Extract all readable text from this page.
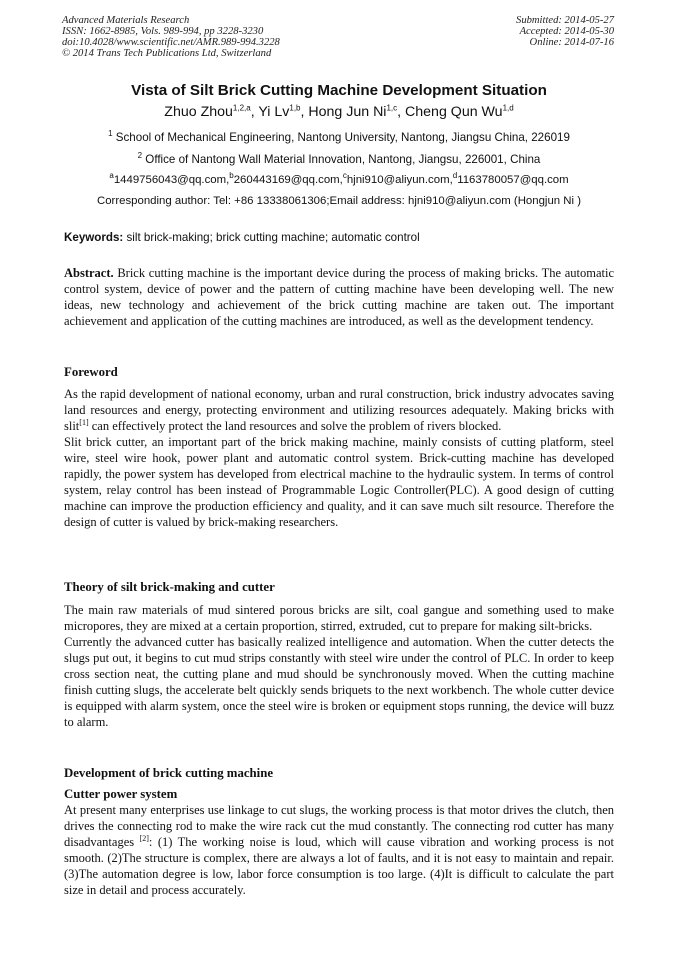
Advanced Materials Research
ISSN: 1662-8985, Vols. 989-994, pp 3228-3230
doi:10.4028/www.scientific.net/AMR.989-994.3228
© 2014 Trans Tech Publications Ltd, Switzerland
Submitted: 2014-05-27
Accepted: 2014-05-30
Online: 2014-07-16
Vista of Silt Brick Cutting Machine Development Situation
Zhuo Zhou$^{1,2,a}$, Yi Lv$^{1,b}$, Hong Jun Ni$^{1,c}$, Cheng Qun Wu$^{1,d}$
$^1$ School of Mechanical Engineering, Nantong University, Nantong, Jiangsu China, 226019
$^2$ Office of Nantong Wall Material Innovation, Nantong, Jiangsu, 226001, China
$^a$1449756043@qq.com,$^b$260443169@qq.com,$^c$hjni910@aliyun.com,$^d$1163780057@qq.com
Corresponding author: Tel: +86 13338061306;Email address: hjni910@aliyun.com (Hongjun Ni )
Keywords: silt brick-making; brick cutting machine; automatic control

Abstract. Brick cutting machine is the important device during the process of making bricks. The automatic control system, device of power and the pattern of cutting machine have been developing well. The new ideas, new technology and achievement of the brick cutting machine are taken out. The important achievement and application of the cutting machines are introduced, as well as the development tendency.

Foreword

As the rapid development of national economy, urban and rural construction, brick industry advocates saving land resources and energy, protecting environment and utilizing resources adequately. Making bricks with slit[1] can effectively protect the land resources and solve the problem of rivers blocked.

Slit brick cutter, an important part of the brick making machine, mainly consists of cutting platform, steel wire, steel wire hook, power plant and automatic control system. Brick-cutting machine has developed rapidly, the power system has developed from electrical machine to the hydraulic system. In terms of control system, relay control has been instead of Programmable Logic Controller(PLC). A good design of cutting machine can improve the production efficiency and quality, and it can save much silt resource. Therefore the design of cutter is valued by brick-making researchers.

Theory of silt brick-making and cutter

The main raw materials of mud sintered porous bricks are silt, coal gangue and something used to make micropores, they are mixed at a certain proportion, stirred, extruded, cut to prepare for making silt-bricks.

Currently the advanced cutter has basically realized intelligence and automation. When the cutter detects the slugs put out, it begins to cut mud strips constantly with steel wire under the control of PLC. In order to keep cross section neat, the cutting plane and mud should be synchronously moved. When the cutting machine finish cutting slugs, the accelerate belt quickly sends briquets to the next workbench. The whole cutter device is equipped with alarm system, once the steel wire is broken or equipment stops running, the device will buzz to alarm.

Development of brick cutting machine
Cutter power system

At present many enterprises use linkage to cut slugs, the working process is that motor drives the clutch, then drives the connecting rod to make the wire rack cut the mud constantly. The connecting rod cutter has many disadvantages [2]: (1) The working noise is loud, which will cause vibration and working process is not smooth. (2)The structure is complex, there are always a lot of faults, and it is not easy to maintain and repair. (3)The automation degree is low, labor force consumption is too large. (4)It is difficult to calculate the part size in detail and process accurately.
